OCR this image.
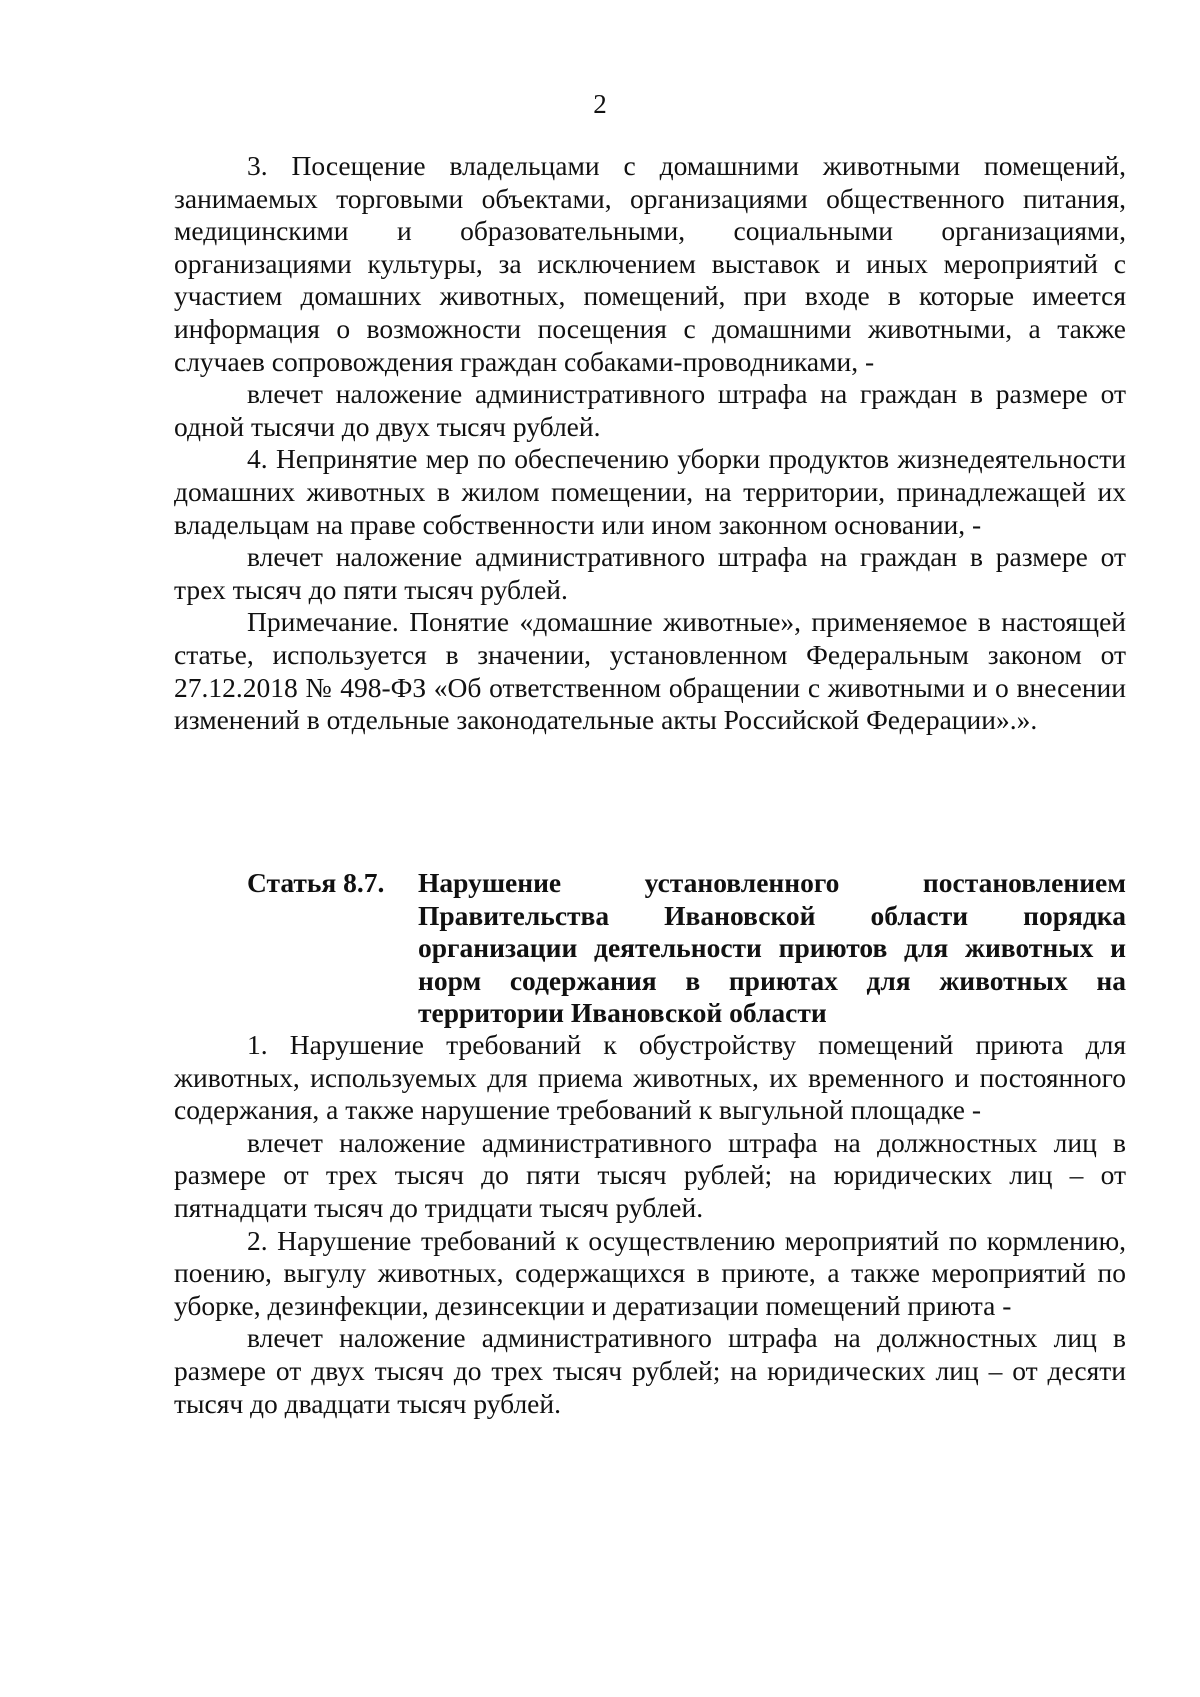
2

3. Посещение владельцами с домашними животными помещений, занимаемых торговыми объектами, организациями общественного питания, медицинскими и образовательными, социальными организациями, организациями культуры, за исключением выставок и иных мероприятий с участием домашних животных, помещений, при входе в которые имеется информация о возможности посещения с домашними животными, а также случаев сопровождения граждан собаками-проводниками, -

влечет наложение административного штрафа на граждан в размере от одной тысячи до двух тысяч рублей.

4. Непринятие мер по обеспечению уборки продуктов жизнедеятельности домашних животных в жилом помещении, на территории, принадлежащей их владельцам на праве собственности или ином законном основании, -

влечет наложение административного штрафа на граждан в размере от трех тысяч до пяти тысяч рублей.

Примечание. Понятие «домашние животные», применяемое в настоящей статье, используется в значении, установленном Федеральным законом от 27.12.2018 № 498-ФЗ «Об ответственном обращении с животными и о внесении изменений в отдельные законодательные акты Российской Федерации».».

Статья 8.7. Нарушение установленного постановлением Правительства Ивановской области порядка организации деятельности приютов для животных и норм содержания в приютах для животных на территории Ивановской области

1. Нарушение требований к обустройству помещений приюта для животных, используемых для приема животных, их временного и постоянного содержания, а также нарушение требований к выгульной площадке -

влечет наложение административного штрафа на должностных лиц в размере от трех тысяч до пяти тысяч рублей; на юридических лиц – от пятнадцати тысяч до тридцати тысяч рублей.

2. Нарушение требований к осуществлению мероприятий по кормлению, поению, выгулу животных, содержащихся в приюте, а также мероприятий по уборке, дезинфекции, дезинсекции и дератизации помещений приюта -

влечет наложение административного штрафа на должностных лиц в размере от двух тысяч до трех тысяч рублей; на юридических лиц – от десяти тысяч до двадцати тысяч рублей.
